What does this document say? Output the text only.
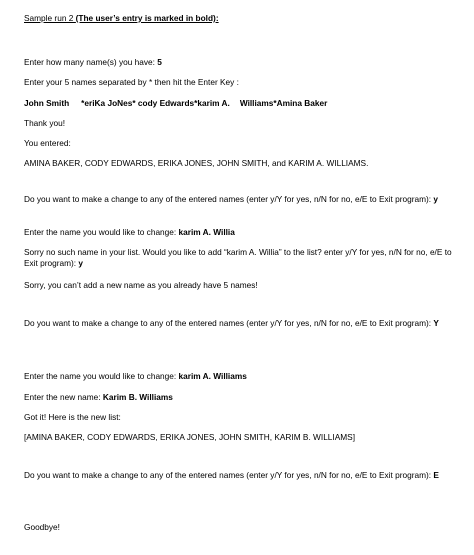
Sample run 2 (The user’s entry is marked in bold):

Enter how many name(s) you have: 5

Enter your 5 names separated by * then hit the Enter Key :

John Smith *eriKa JoNes* cody Edwards*karim A. Williams*Amina Baker

Thank you!

You entered:

AMINA BAKER, CODY EDWARDS, ERIKA JONES, JOHN SMITH, and KARIM A. WILLIAMS.

Do you want to make a change to any of the entered names (enter y/Y for yes, n/N for no, e/E to Exit program): y

Enter the name you would like to change: karim A. Willia

Sorry no such name in your list. Would you like to add “karim A. Willia” to the list? enter y/Y for yes, n/N for no, e/E to Exit program): y

Sorry, you can’t add a new name as you already have 5 names!

Do you want to make a change to any of the entered names (enter y/Y for yes, n/N for no, e/E to Exit program): Y

Enter the name you would like to change: karim A. Williams

Enter the new name: Karim B. Williams

Got it! Here is the new list:

[AMINA BAKER, CODY EDWARDS, ERIKA JONES, JOHN SMITH, KARIM B. WILLIAMS]

Do you want to make a change to any of the entered names (enter y/Y for yes, n/N for no, e/E to Exit program): E

Goodbye!
